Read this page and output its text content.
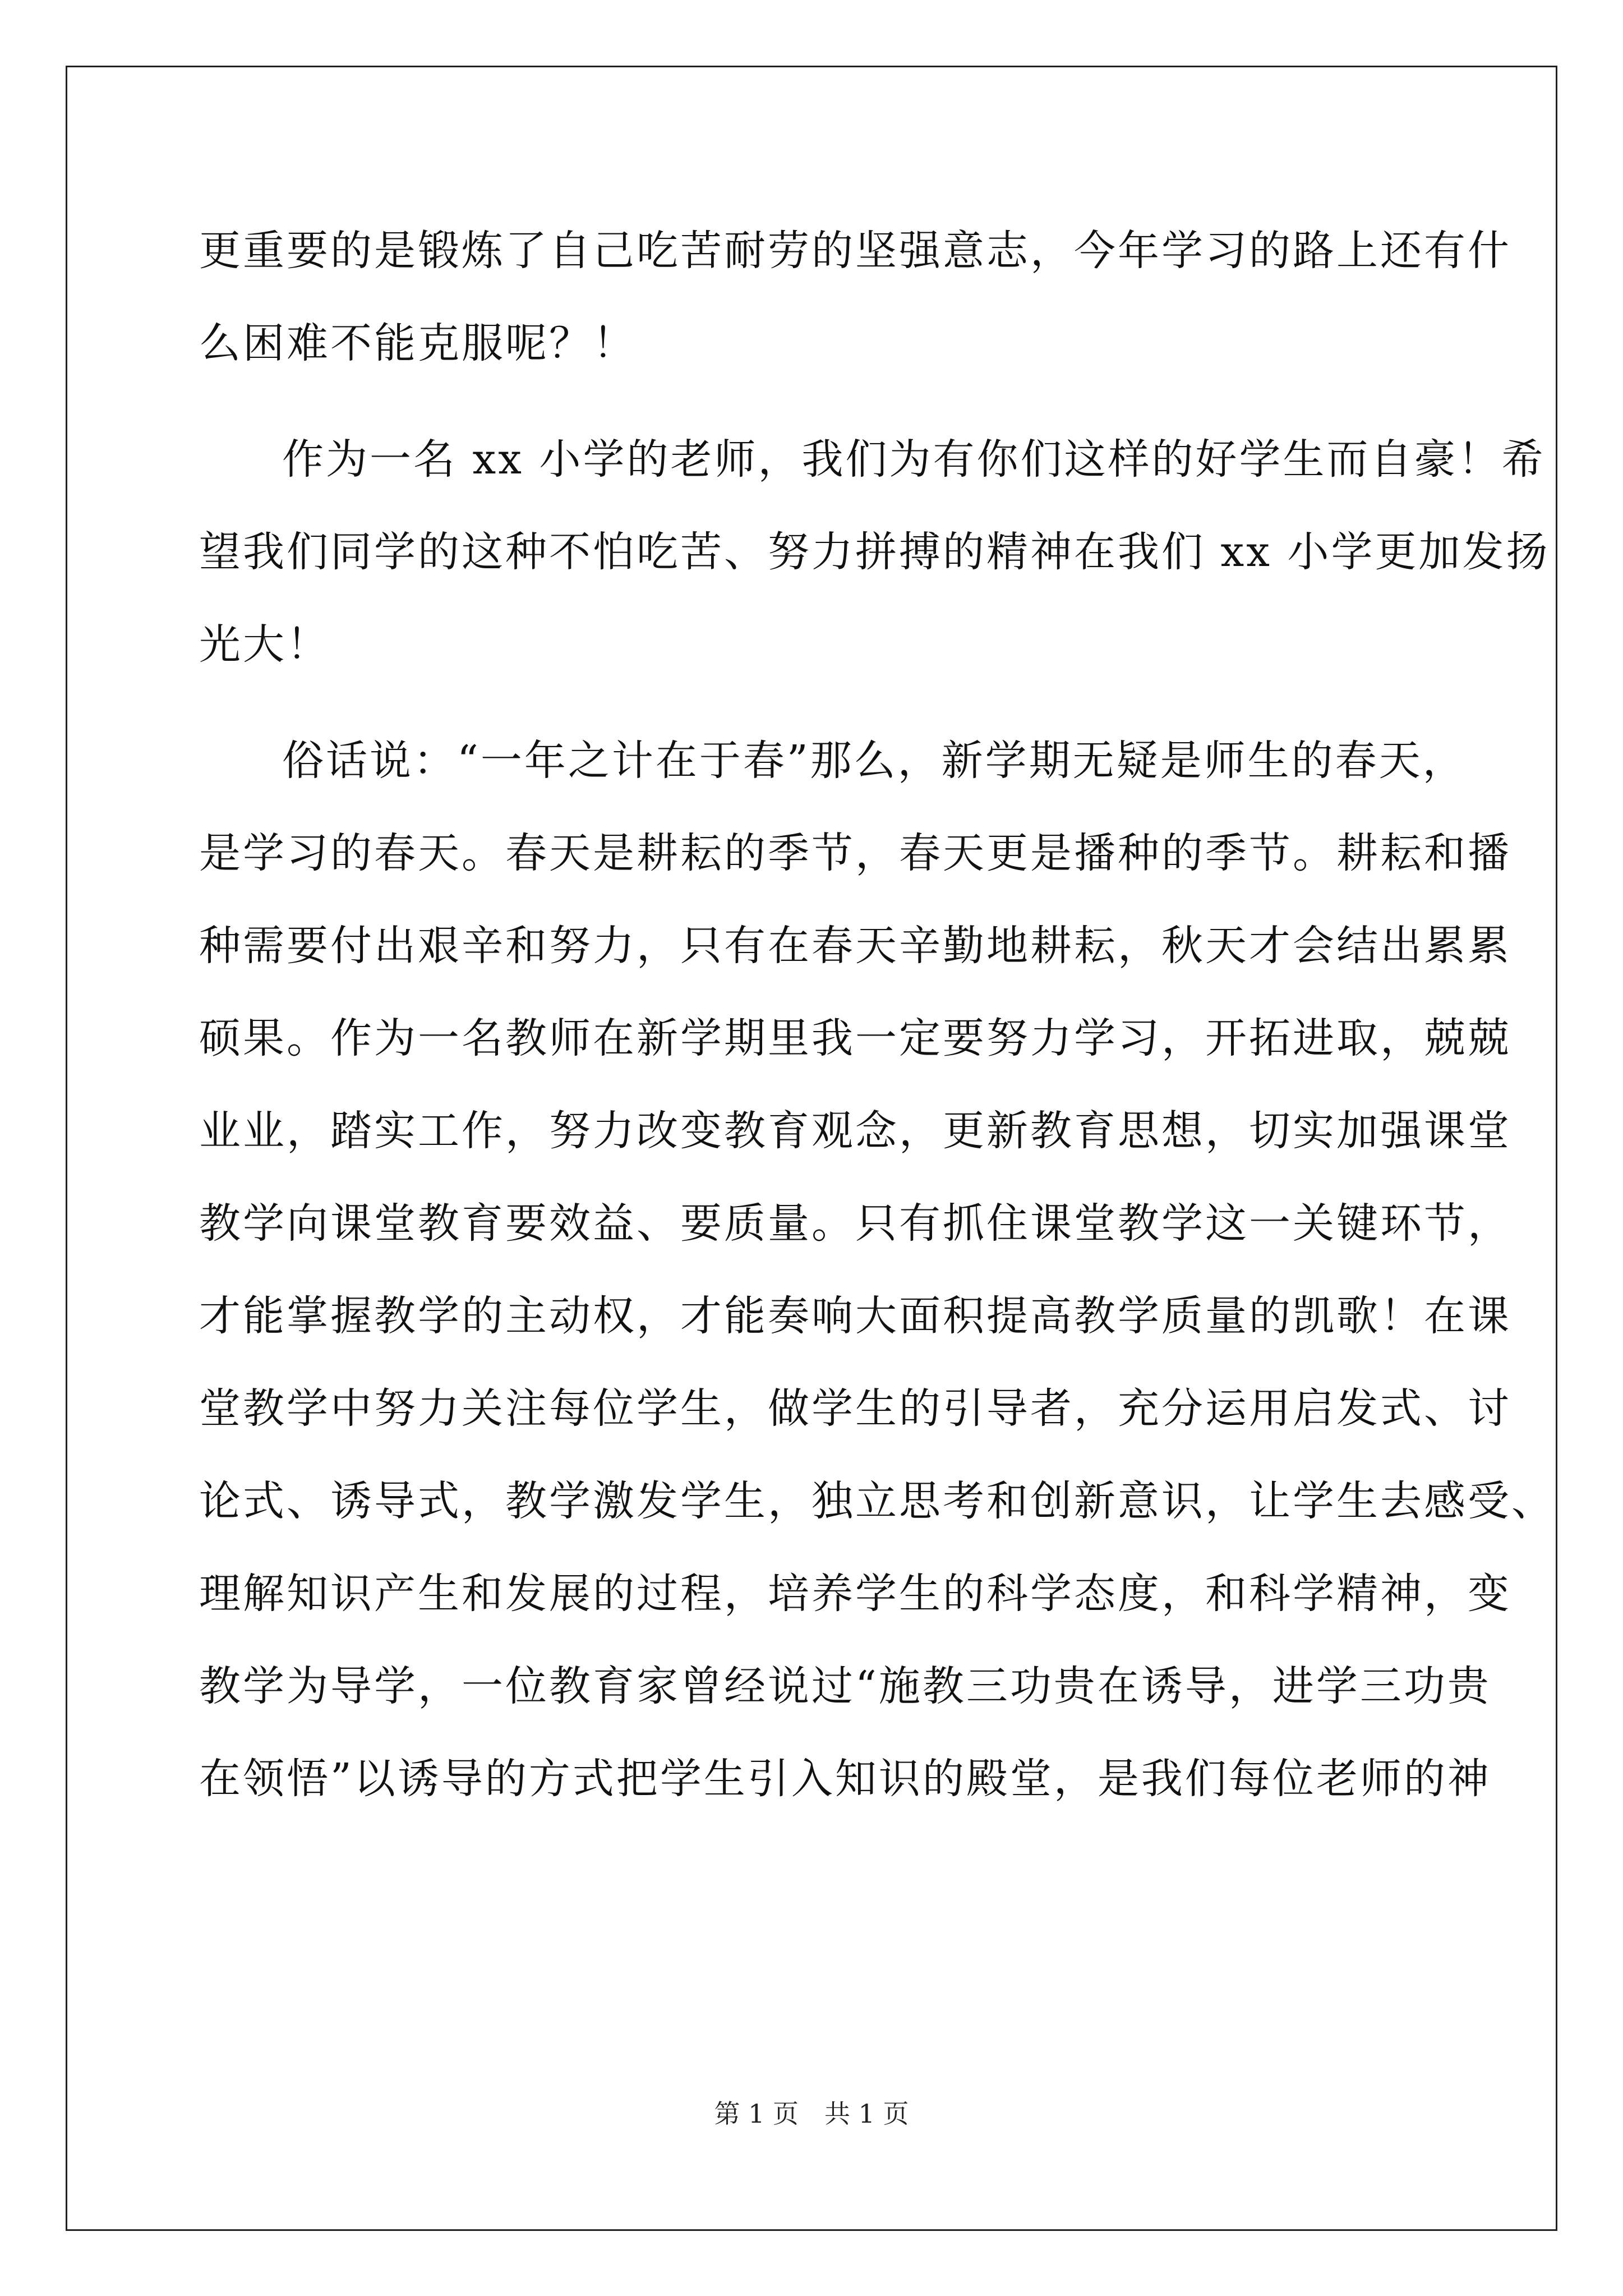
更重要的是锻炼了自己吃苦耐劳的坚强意志，今年学习的路上还有什
么困难不能克服呢？！
作为一名 xx 小学的老师，我们为有你们这样的好学生而自豪！希
望我们同学的这种不怕吃苦、努力拼搏的精神在我们 xx 小学更加发扬
光大！
俗话说：“一年之计在于春”那么，新学期无疑是师生的春天，
是学习的春天。春天是耕耘的季节，春天更是播种的季节。耕耘和播
种需要付出艰辛和努力，只有在春天辛勤地耕耘，秋天才会结出累累
硕果。作为一名教师在新学期里我一定要努力学习，开拓进取，兢兢
业业，踏实工作，努力改变教育观念，更新教育思想，切实加强课堂
教学向课堂教育要效益、要质量。只有抓住课堂教学这一关键环节，
才能掌握教学的主动权，才能奏响大面积提高教学质量的凯歌！在课
堂教学中努力关注每位学生，做学生的引导者，充分运用启发式、讨
论式、诱导式，教学激发学生，独立思考和创新意识，让学生去感受、
理解知识产生和发展的过程，培养学生的科学态度，和科学精神，变
教学为导学，一位教育家曾经说过“施教三功贵在诱导，进学三功贵
在领悟”以诱导的方式把学生引入知识的殿堂，是我们每位老师的神
第 1 页　共 1 页
